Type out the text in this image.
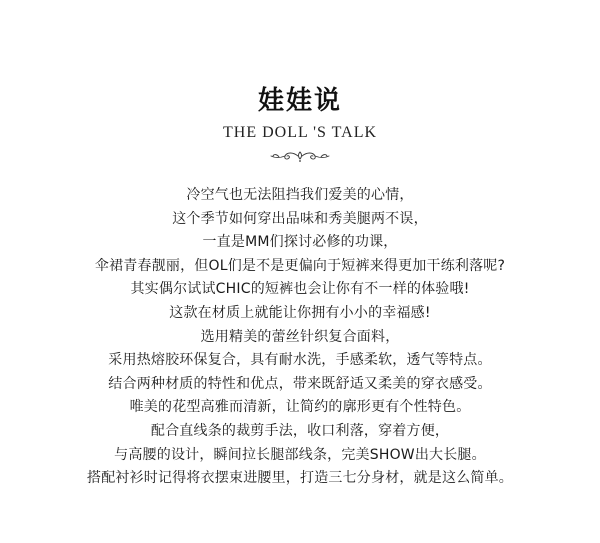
娃娃说
THE DOLL 'S TALK
冷空气也无法阻挡我们爱美的心情，
这个季节如何穿出品味和秀美腿两不误，
一直是MM们探讨必修的功课，
伞裙青春靓丽，但OL们是不是更偏向于短裤来得更加干练利落呢?
其实偶尔试试CHIC的短裤也会让你有不一样的体验哦!
这款在材质上就能让你拥有小小的幸福感!
选用精美的蕾丝针织复合面料，
采用热熔胶环保复合，具有耐水洗，手感柔软，透气等特点。
结合两种材质的特性和优点，带来既舒适又柔美的穿衣感受。
唯美的花型高雅而清新，让简约的廓形更有个性特色。
配合直线条的裁剪手法，收口利落，穿着方便，
与高腰的设计，瞬间拉长腿部线条，完美SHOW出大长腿。
搭配衬衫时记得将衣摆束进腰里，打造三七分身材，就是这么简单。
